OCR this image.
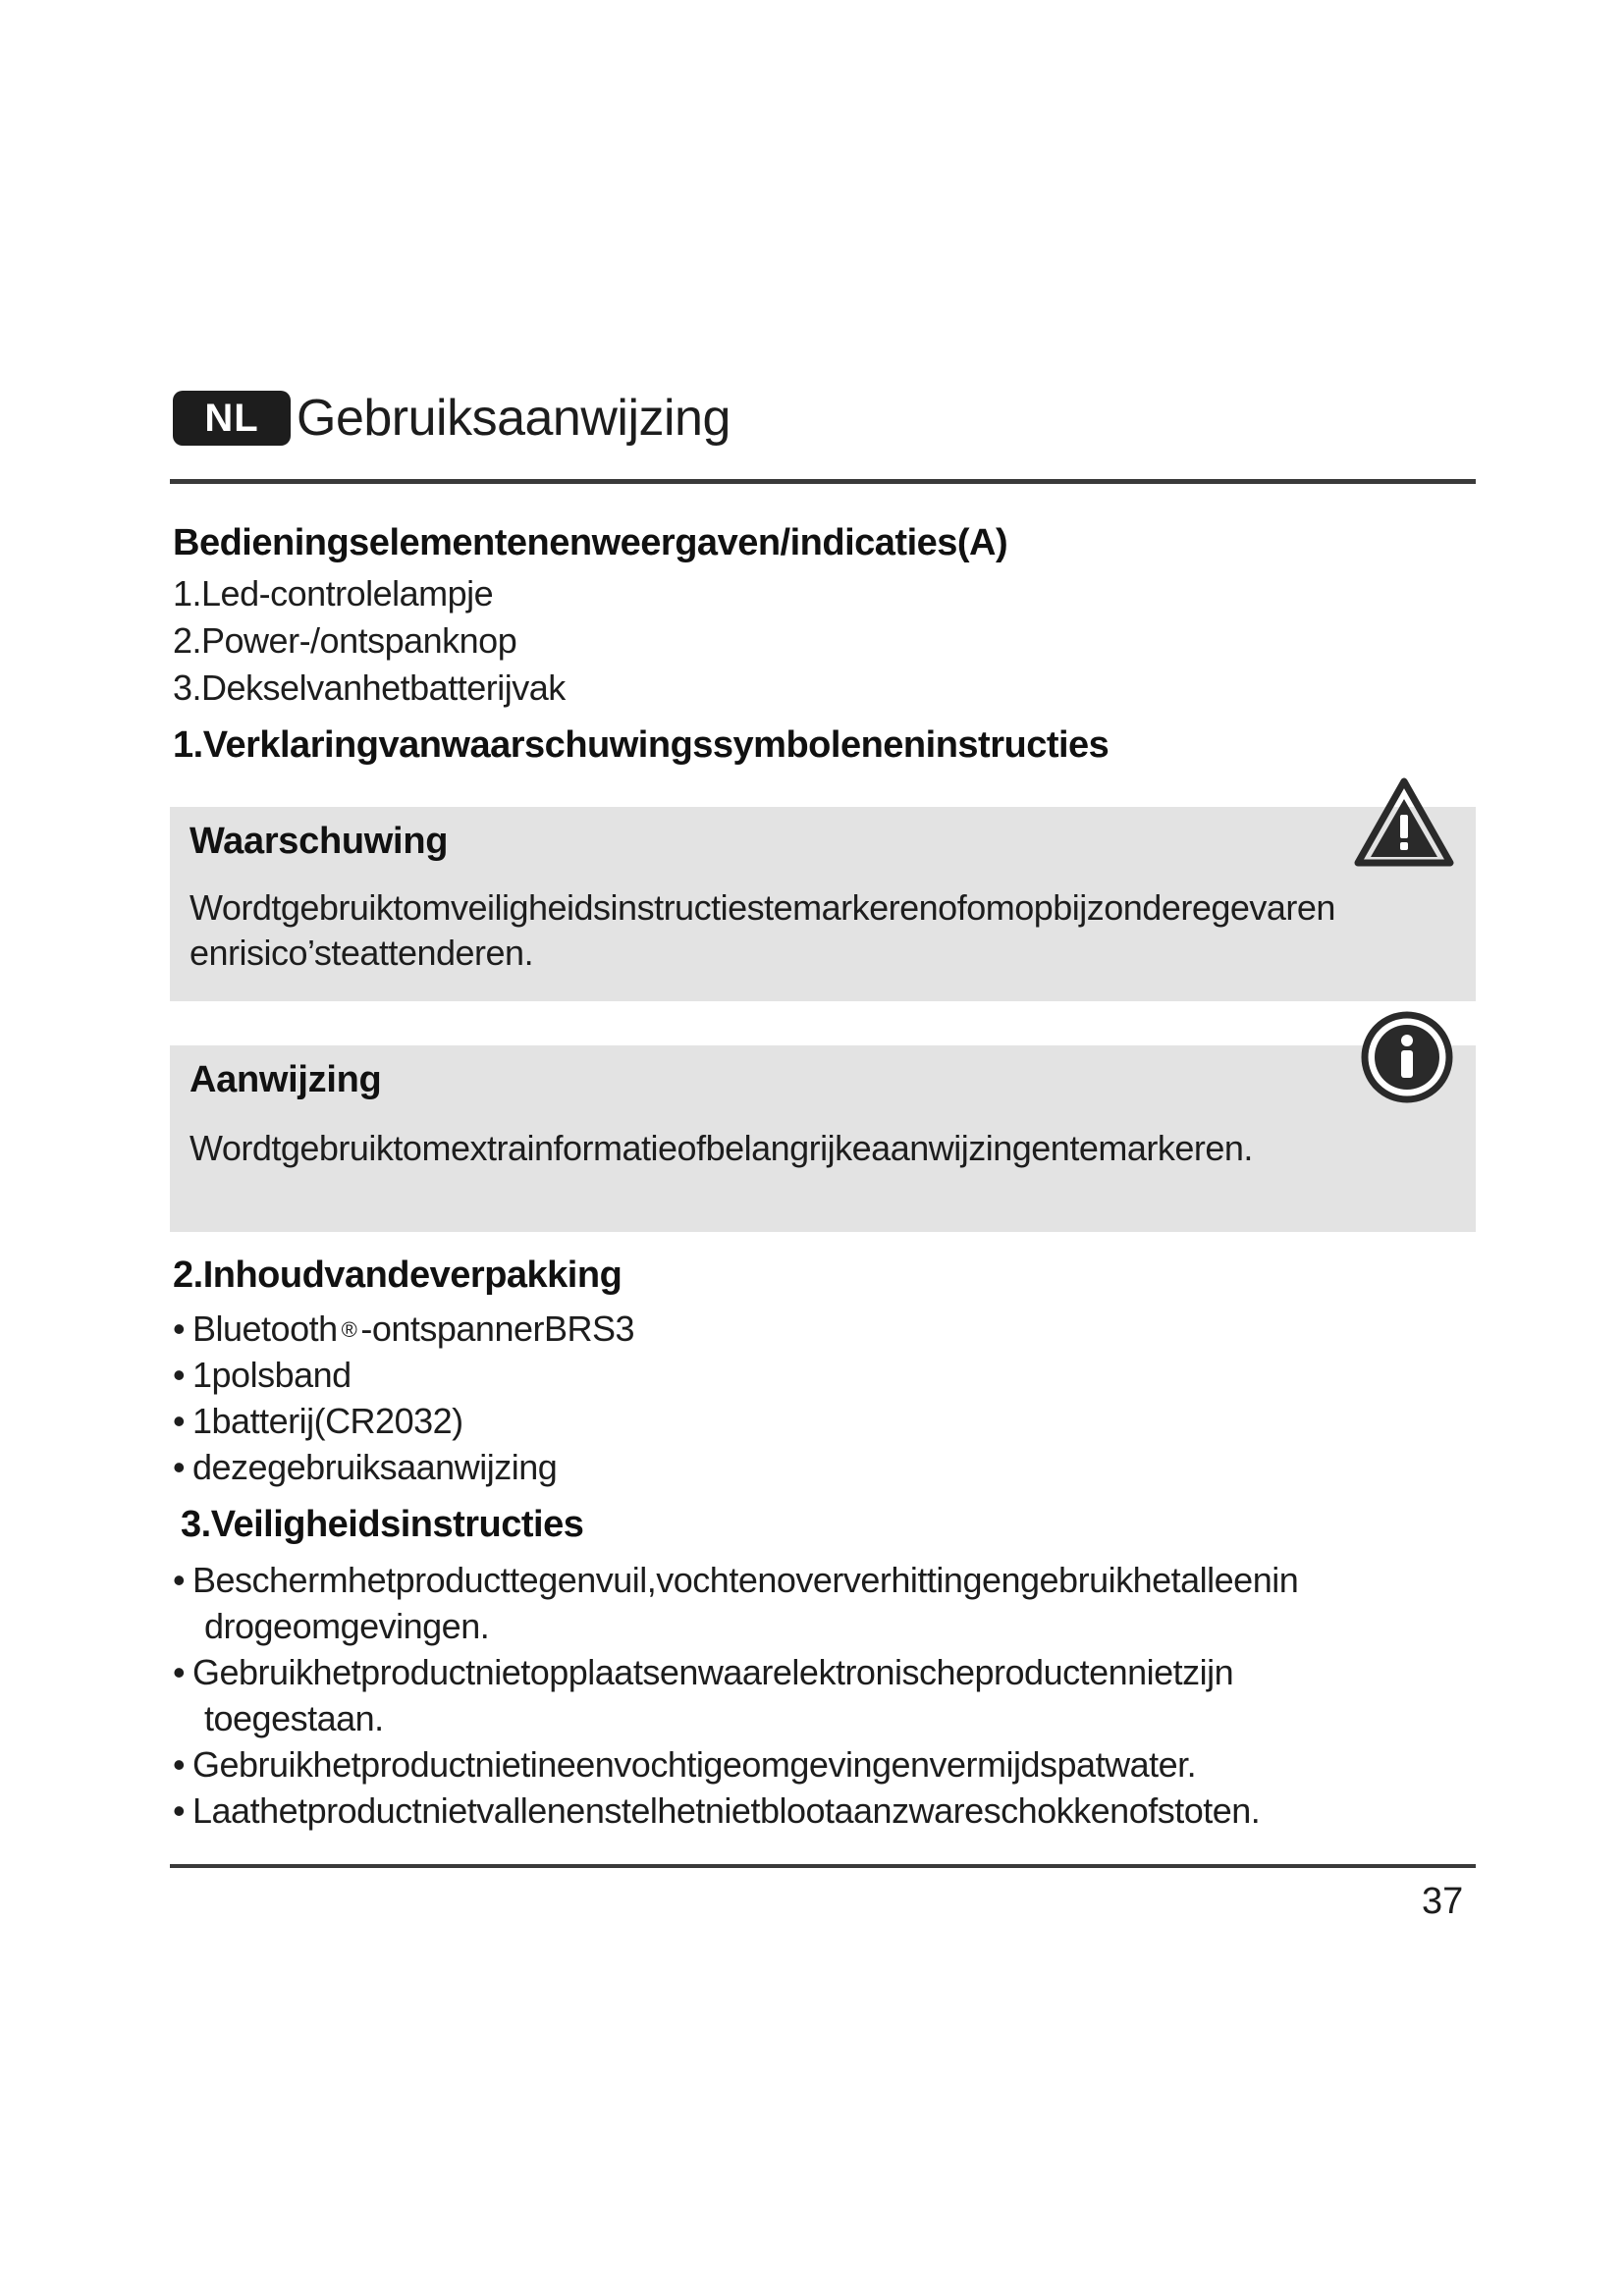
NL Gebruiksaanwijzing
Bedieningselementenenweergaven/indicaties(A)
1.Led-controlelampje
2.Power-/ontspanknop
3.Dekselvanhetbatterijvak
1.Verklaringvanwaarschuwingssymboleneninstructies
Waarschuwing
Wordtgebruiktomveiligheidsinstructiestemarkerenofomopbijzonderegevaren
enrisico’steattenderen.
Aanwijzing
Wordtgebruiktomextrainformatieofbelangrijkeaanwijzingentemarkeren.
2.Inhoudvandeverpakking
• Bluetooth ® -ontspannerBRS3
• 1polsband
• 1batterij(CR2032)
• dezegebruiksaanwijzing
3.Veiligheidsinstructies
• Beschermhetproducttegenvuil,vochtenoververhittingengebruikhetalleenin
drogeomgevingen.
• Gebruikhetproductnietopplaatsenwaarelektronischeproductennietzijn
toegestaan.
• Gebruikhetproductnietineenvochtigeomgevingenvermijdspatwater.
• Laathetproductnietvallenenstelhetnietblootaanzwareschokkenofstoten.
37
